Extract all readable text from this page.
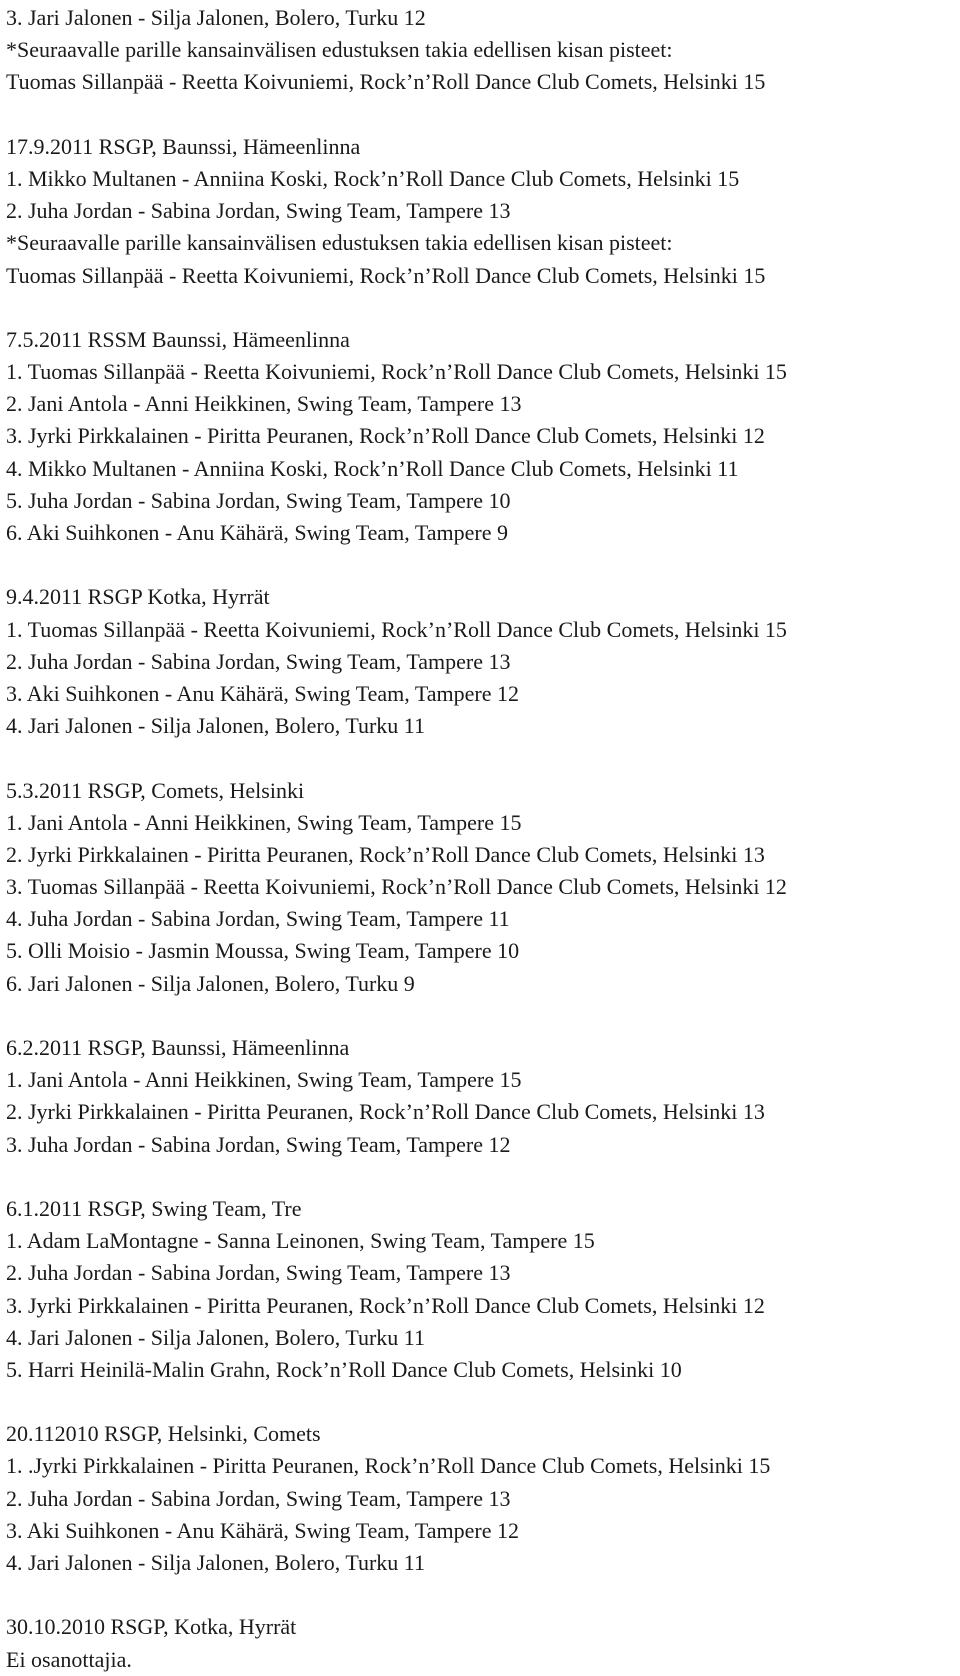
3. Jari Jalonen - Silja Jalonen, Bolero, Turku 12
*Seuraavalle parille kansainvälisen edustuksen takia edellisen kisan pisteet:
Tuomas Sillanpää - Reetta Koivuniemi, Rock’n’Roll Dance Club Comets, Helsinki 15
17.9.2011 RSGP, Baunssi, Hämeenlinna
1. Mikko Multanen - Anniina Koski, Rock’n’Roll Dance Club Comets, Helsinki 15
2. Juha Jordan - Sabina Jordan, Swing Team, Tampere 13
*Seuraavalle parille kansainvälisen edustuksen takia edellisen kisan pisteet:
Tuomas Sillanpää - Reetta Koivuniemi, Rock’n’Roll Dance Club Comets, Helsinki 15
7.5.2011 RSSM Baunssi, Hämeenlinna
1. Tuomas Sillanpää - Reetta Koivuniemi, Rock’n’Roll Dance Club Comets, Helsinki 15
2. Jani Antola - Anni Heikkinen, Swing Team, Tampere 13
3. Jyrki Pirkkalainen - Piritta Peuranen, Rock’n’Roll Dance Club Comets, Helsinki 12
4. Mikko Multanen - Anniina Koski, Rock’n’Roll Dance Club Comets, Helsinki 11
5. Juha Jordan - Sabina Jordan, Swing Team, Tampere 10
6. Aki Suihkonen - Anu Kähärä, Swing Team, Tampere 9
9.4.2011 RSGP Kotka, Hyrrät
1. Tuomas Sillanpää - Reetta Koivuniemi, Rock’n’Roll Dance Club Comets, Helsinki 15
2. Juha Jordan - Sabina Jordan, Swing Team, Tampere 13
3. Aki Suihkonen - Anu Kähärä, Swing Team, Tampere 12
4. Jari Jalonen - Silja Jalonen, Bolero, Turku 11
5.3.2011 RSGP, Comets, Helsinki
1. Jani Antola - Anni Heikkinen, Swing Team, Tampere 15
2. Jyrki Pirkkalainen - Piritta Peuranen, Rock’n’Roll Dance Club Comets, Helsinki 13
3. Tuomas Sillanpää - Reetta Koivuniemi, Rock’n’Roll Dance Club Comets, Helsinki 12
4. Juha Jordan - Sabina Jordan, Swing Team, Tampere 11
5. Olli Moisio - Jasmin Moussa, Swing Team, Tampere 10
6. Jari Jalonen - Silja Jalonen, Bolero, Turku 9
6.2.2011 RSGP, Baunssi, Hämeenlinna
1. Jani Antola - Anni Heikkinen, Swing Team, Tampere 15
2. Jyrki Pirkkalainen - Piritta Peuranen, Rock’n’Roll Dance Club Comets, Helsinki 13
3. Juha Jordan - Sabina Jordan, Swing Team, Tampere 12
6.1.2011 RSGP, Swing Team, Tre
1. Adam LaMontagne - Sanna Leinonen, Swing Team, Tampere 15
2. Juha Jordan - Sabina Jordan, Swing Team, Tampere 13
3. Jyrki Pirkkalainen - Piritta Peuranen, Rock’n’Roll Dance Club Comets, Helsinki 12
4. Jari Jalonen - Silja Jalonen, Bolero, Turku 11
5. Harri Heinilä-Malin Grahn, Rock’n’Roll Dance Club Comets, Helsinki 10
20.112010 RSGP, Helsinki, Comets
1. .Jyrki Pirkkalainen - Piritta Peuranen, Rock’n’Roll Dance Club Comets, Helsinki 15
2. Juha Jordan - Sabina Jordan, Swing Team, Tampere 13
3. Aki Suihkonen - Anu Kähärä, Swing Team, Tampere 12
4. Jari Jalonen - Silja Jalonen, Bolero, Turku 11
30.10.2010 RSGP, Kotka, Hyrrät
Ei osanottajia.
